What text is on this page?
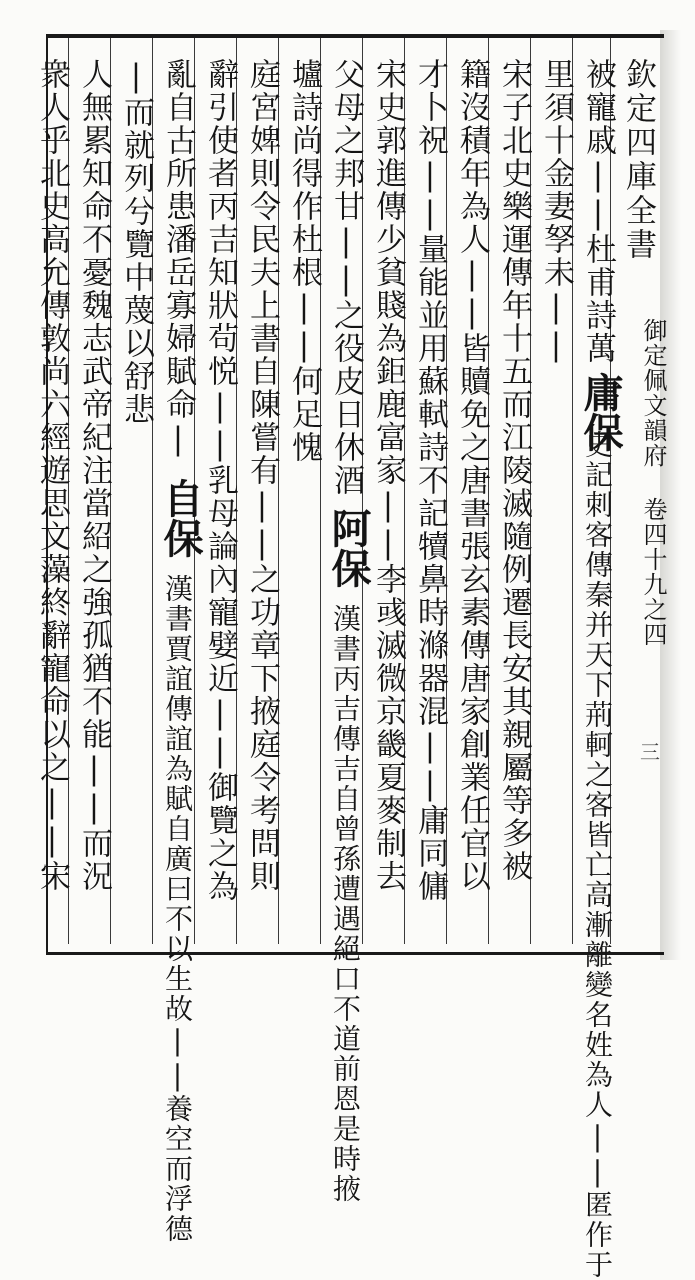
欽定四庫全書
御定佩文韻府 卷四十九之四
三
被寵戚||杜甫詩萬
史記刺客傳秦并天下荊軻之客皆亡高漸離變名姓為人||匿作于
庸保
里須十金妻孥未||
宋子北史樂運傳年十五而江陵滅隨例遷長安其親屬等多被
籍沒積年為人||皆贖免之唐書張玄素傳唐家創業任官以
才卜祝||量能並用蘇軾詩不記犢鼻時滌器混||庸同傭
宋史郭進傳少貧賤為鉅鹿富家||李彧滅微京畿夏麥制去
父母之邦甘||之役皮日休酒
阿保
壚詩尚得作杜根||何足愧
漢書丙吉傳吉自曾孫遭遇絕口不道前恩是時掖
庭宮婢則令民夫上書自陳嘗有||之功章下掖庭令考問則
辭引使者丙吉知狀茍悦||乳母論內寵嬖近||御覽之為
亂自古所患潘岳寡婦賦命|
|而就列兮覽中蔑以舒悲
自保
漢書賈誼傳誼為賦自廣曰不以生故||養空而浮德
人無累知命不憂魏志武帝紀注當紹之強孤猶不能||而況
衆人乎北史高允傳敦尚六經遊思文藻終辭寵命以之||宋
